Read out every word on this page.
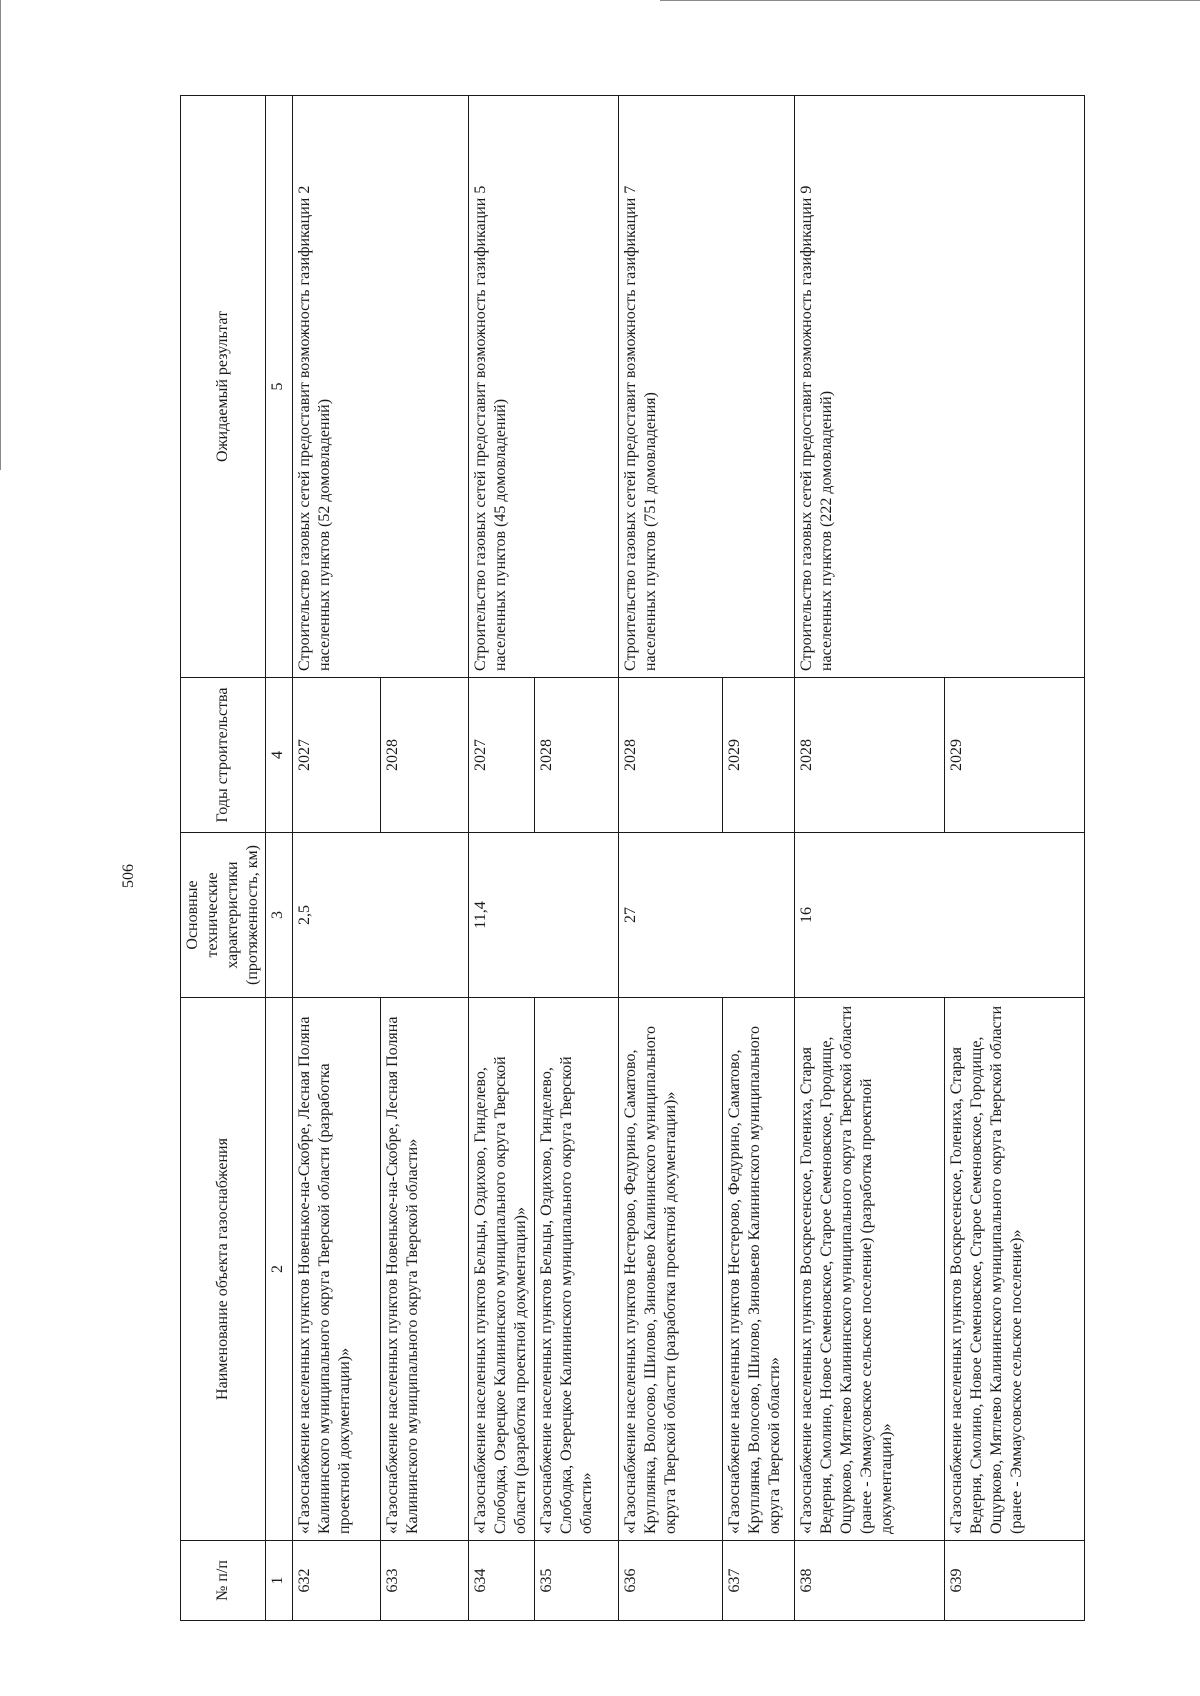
506
№ п/п	Наименование объекта газоснабжения	Основные технические характеристики (протяженность, км)	Годы строительства	Ожидаемый результат
1	2	3	4	5
632	«Газоснабжение населенных пунктов Новенькое-на-Скобре, Лесная Поляна Калининского муниципального округа Тверской области (разработка проектной документации)»	2,5	2027	Строительство газовых сетей предоставит возможность газификации 2 населенных пунктов (52 домовладений)
633	«Газоснабжение населенных пунктов Новенькое-на-Скобре, Лесная Поляна Калининского муниципального округа Тверской области»		2028	
634	«Газоснабжение населенных пунктов Бельцы, Оздихово, Гинделево, Слободка, Озерецкое Калининского муниципального округа Тверской области (разработка проектной документации)»	11,4	2027	Строительство газовых сетей предоставит возможность газификации 5 населенных пунктов (45 домовладений)
635	«Газоснабжение населенных пунктов Бельцы, Оздихово, Гинделево, Слободка, Озерецкое Калининского муниципального округа Тверской области»		2028	
636	«Газоснабжение населенных пунктов Нестерово, Федурино, Саматово, Круплянка, Волосово, Шилово, Зиновьево Калининского муниципального округа Тверской области (разработка проектной документации)»	27	2028	Строительство газовых сетей предоставит возможность газификации 7 населенных пунктов (751 домовладения)
637	«Газоснабжение населенных пунктов Нестерово, Федурино, Саматово, Круплянка, Волосово, Шилово, Зиновьево Калининского муниципального округа Тверской области»		2029	
638	«Газоснабжение населенных пунктов Воскресенское, Голениха, Старая Ведерня, Смолино, Новое Семеновское, Старое Семеновское, Городище, Ощурково, Мятлево Калининского муниципального округа Тверской области (ранее - Эммаусовское сельское поселение) (разработка проектной документации)»	16	2028	Строительство газовых сетей предоставит возможность газификации 9 населенных пунктов (222 домовладений)
639	«Газоснабжение населенных пунктов Воскресенское, Голениха, Старая Ведерня, Смолино, Новое Семеновское, Старое Семеновское, Городище, Ощурково, Мятлево Калининского муниципального округа Тверской области (ранее - Эммаусовское сельское поселение)»		2029	
